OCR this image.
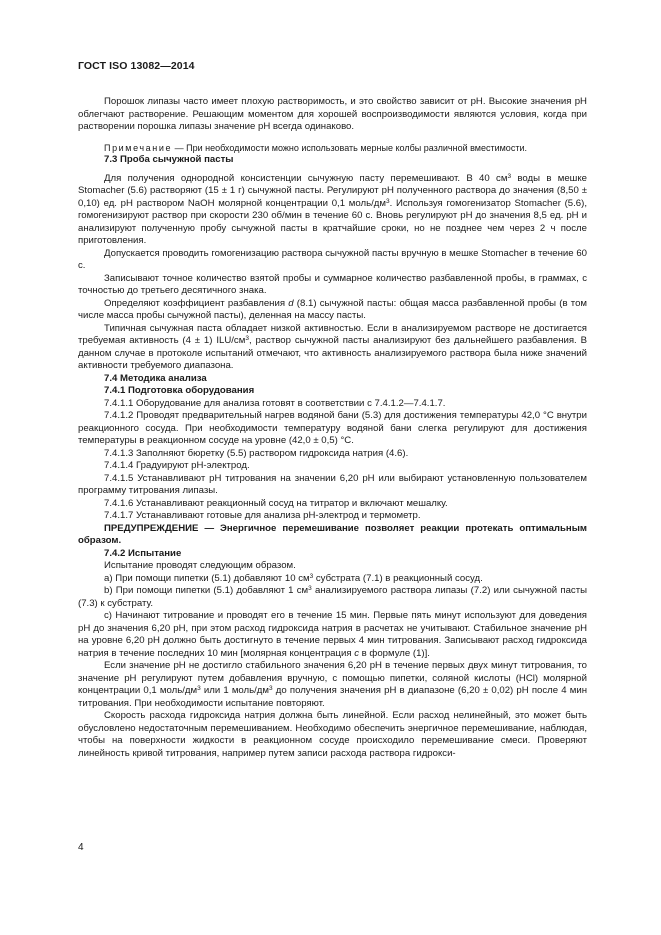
ГОСТ ISO 13082—2014

Порошок липазы часто имеет плохую растворимость, и это свойство зависит от pH. Высокие значения pH облегчают растворение. Решающим моментом для хорошей воспроизводимости являются условия, когда при растворении порошка липазы значение pH всегда одинаково.

Примечание — При необходимости можно использовать мерные колбы различной вместимости.

7.3 Проба сычужной пасты

Для получения однородной консистенции сычужную пасту перемешивают. В 40 $см^3$ воды в мешке Stomacher (5.6) растворяют (15 ± 1 г) сычужной пасты. Регулируют pH полученного раствора до значения (8,50 ± 0,10) ед. pH раствором NaOH молярной концентрации 0,1 моль/$дм^3$. Используя гомогенизатор Stomacher (5.6), гомогенизируют раствор при скорости 230 об/мин в течение 60 с. Вновь регулируют pH до значения 8,5 ед. pH и анализируют полученную пробу сычужной пасты в кратчайшие сроки, но не позднее чем через 2 ч после приготовления.

Допускается проводить гомогенизацию раствора сычужной пасты вручную в мешке Stomacher в течение 60 с.

Записывают точное количество взятой пробы и суммарное количество разбавленной пробы, в граммах, с точностью до третьего десятичного знака.

Определяют коэффициент разбавления d (8.1) сычужной пасты: общая масса разбавленной пробы (в том числе масса пробы сычужной пасты), деленная на массу пасты.

Типичная сычужная паста обладает низкой активностью. Если в анализируемом растворе не достигается требуемая активность (4 ± 1) ILU/$см^3$, раствор сычужной пасты анализируют без дальнейшего разбавления. В данном случае в протоколе испытаний отмечают, что активность анализируемого раствора была ниже значений активности требуемого диапазона.

7.4 Методика анализа

7.4.1 Подготовка оборудования

7.4.1.1 Оборудование для анализа готовят в соответствии с 7.4.1.2—7.4.1.7.

7.4.1.2 Проводят предварительный нагрев водяной бани (5.3) для достижения температуры 42,0 °С внутри реакционного сосуда. При необходимости температуру водяной бани слегка регулируют для достижения температуры в реакционном сосуде на уровне (42,0 ± 0,5) °С.

7.4.1.3 Заполняют бюретку (5.5) раствором гидроксида натрия (4.6).

7.4.1.4 Градуируют pH-электрод.

7.4.1.5 Устанавливают pH титрования на значении 6,20 pH или выбирают установленную пользователем программу титрования липазы.

7.4.1.6 Устанавливают реакционный сосуд на титратор и включают мешалку.

7.4.1.7 Устанавливают готовые для анализа pH-электрод и термометр.

ПРЕДУПРЕЖДЕНИЕ — Энергичное перемешивание позволяет реакции протекать оптимальным образом.

7.4.2 Испытание

Испытание проводят следующим образом.

a) При помощи пипетки (5.1) добавляют 10 $см^3$ субстрата (7.1) в реакционный сосуд.

b) При помощи пипетки (5.1) добавляют 1 $см^3$ анализируемого раствора липазы (7.2) или сычужной пасты (7.3) к субстрату.

c) Начинают титрование и проводят его в течение 15 мин. Первые пять минут используют для доведения pH до значения 6,20 pH, при этом расход гидроксида натрия в расчетах не учитывают. Стабильное значение pH на уровне 6,20 pH должно быть достигнуто в течение первых 4 мин титрования. Записывают расход гидроксида натрия в течение последних 10 мин [молярная концентрация c в формуле (1)].

Если значение pH не достигло стабильного значения 6,20 pH в течение первых двух минут титрования, то значение pH регулируют путем добавления вручную, с помощью пипетки, соляной кислоты (HCl) молярной концентрации 0,1 моль/$дм^3$ или 1 моль/$дм^3$ до получения значения pH в диапазоне (6,20 ± 0,02) pH после 4 мин титрования. При необходимости испытание повторяют.

Скорость расхода гидроксида натрия должна быть линейной. Если расход нелинейный, это может быть обусловлено недостаточным перемешиванием. Необходимо обеспечить энергичное перемешивание, наблюдая, чтобы на поверхности жидкости в реакционном сосуде происходило перемешивание смеси. Проверяют линейность кривой титрования, например путем записи расхода раствора гидрокси-

4
